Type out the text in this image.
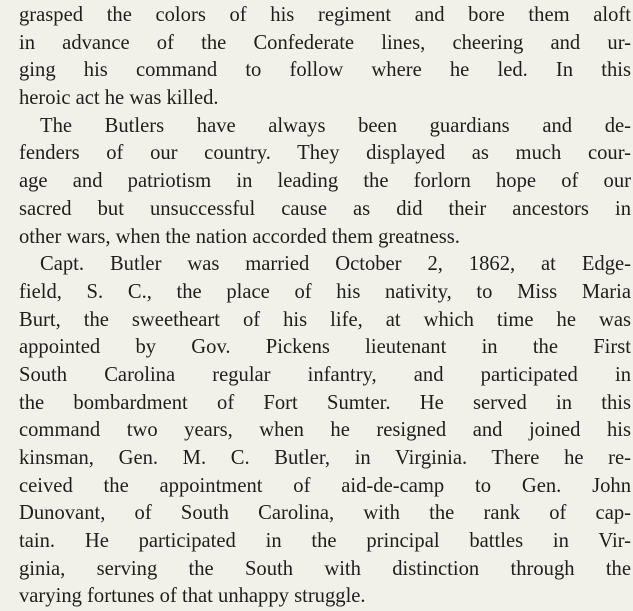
grasped the colors of his regiment and bore them aloft
in advance of the Confederate lines, cheering and ur-
ging his command to follow where he led. In this
heroic act he was killed.
The Butlers have always been guardians and de-
fenders of our country. They displayed as much cour-
age and patriotism in leading the forlorn hope of our
sacred but unsuccessful cause as did their ancestors in
other wars, when the nation accorded them greatness.
Capt. Butler was married October 2, 1862, at Edge-
field, S. C., the place of his nativity, to Miss Maria
Burt, the sweetheart of his life, at which time he was
appointed by Gov. Pickens lieutenant in the First
South Carolina regular infantry, and participated in
the bombardment of Fort Sumter. He served in this
command two years, when he resigned and joined his
kinsman, Gen. M. C. Butler, in Virginia. There he re-
ceived the appointment of aid-de-camp to Gen. John
Dunovant, of South Carolina, with the rank of cap-
tain. He participated in the principal battles in Vir-
ginia, serving the South with distinction through the
varying fortunes of that unhappy struggle.
